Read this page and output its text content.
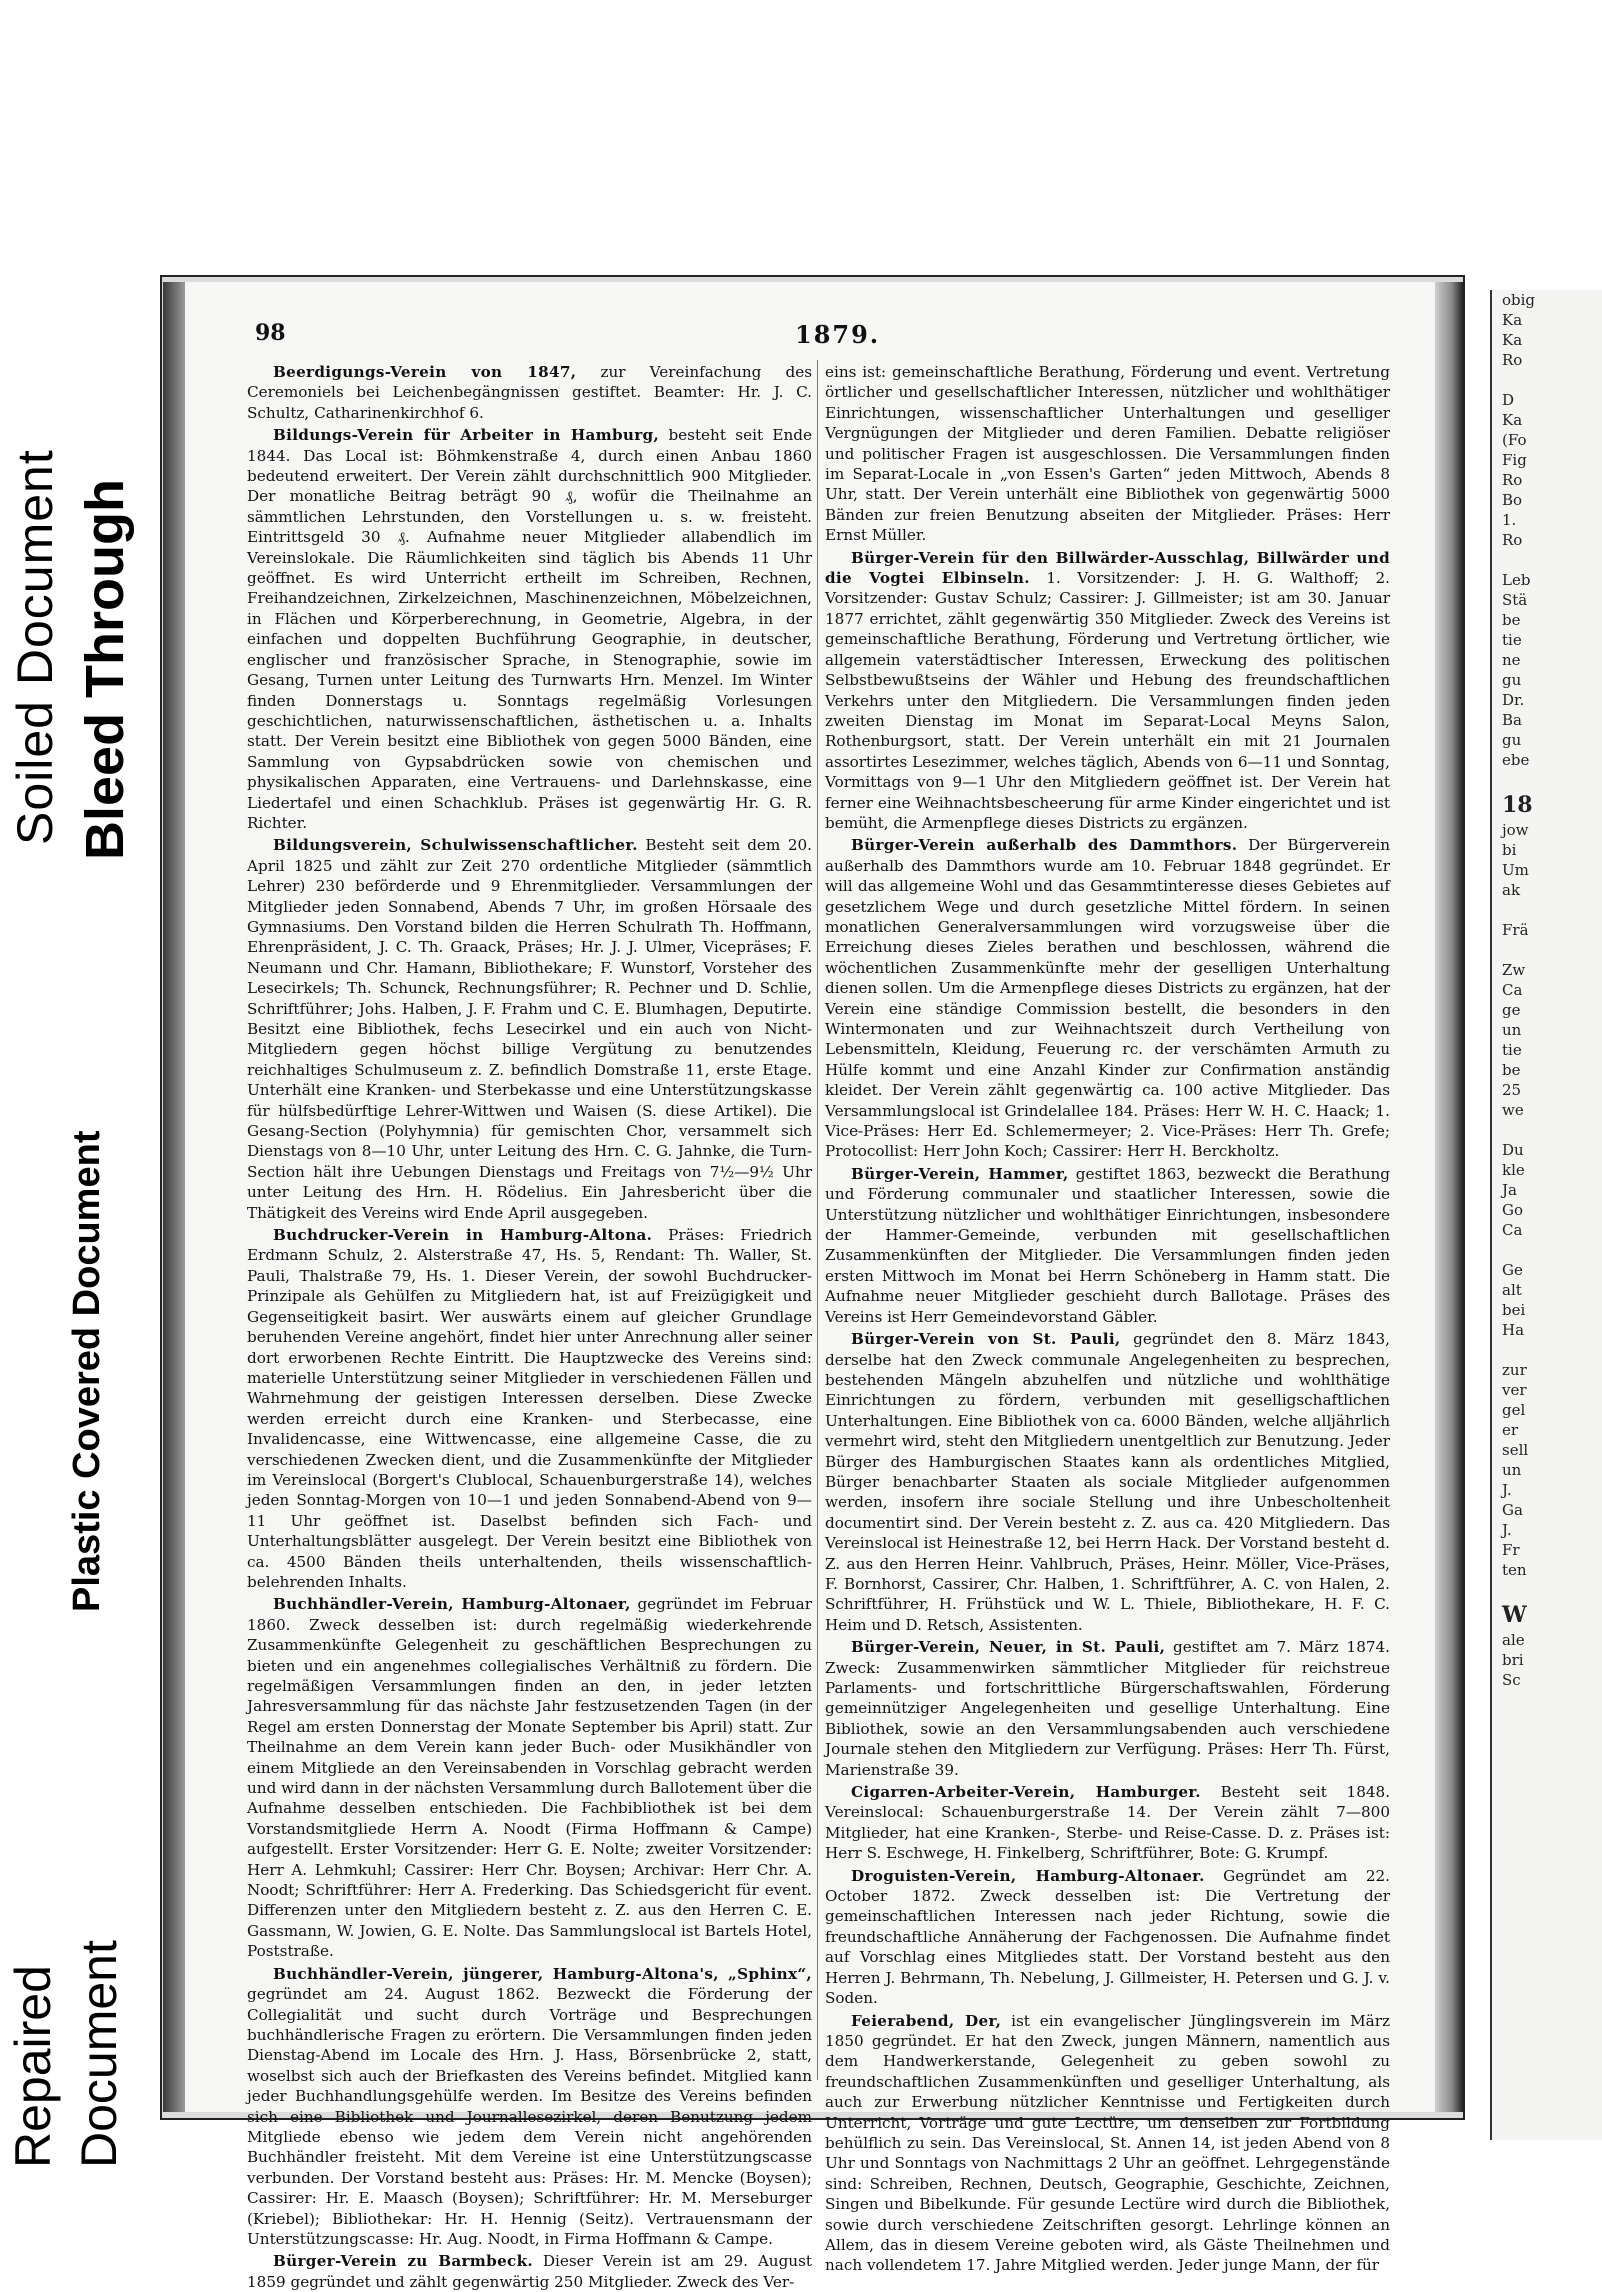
Soiled Document Bleed Through
Plastic Covered Document
Repaired Document
98	1879.

Beerdigungs-Verein von 1847, zur Vereinfachung des Ceremoniels bei Leichenbegängnissen gestiftet. Beamter: Hr. J. C. Schultz, Catharinenkirchhof 6.

Bildungs-Verein für Arbeiter in Hamburg, besteht seit Ende 1844. Das Local ist: Böhmkenstraße 4, durch einen Anbau 1860 bedeutend erweitert. Der Verein zählt durchschnittlich 900 Mitglieder. Der monatliche Beitrag beträgt 90 ₰, wofür die Theilnahme an sämmtlichen Lehrstunden, den Vorstellungen u. s. w. freisteht. Eintrittsgeld 30 ₰. Aufnahme neuer Mitglieder allabendlich im Vereinslokale. Die Räumlichkeiten sind täglich bis Abends 11 Uhr geöffnet. Es wird Unterricht ertheilt im Schreiben, Rechnen, Freihandzeichnen, Zirkelzeichnen, Maschinenzeichnen, Möbelzeichnen, in Flächen und Körperberechnung, in Geometrie, Algebra, in der einfachen und doppelten Buchführung Geographie, in deutscher, englischer und französischer Sprache, in Stenographie, sowie im Gesang, Turnen unter Leitung des Turnwarts Hrn. Menzel. Im Winter finden Donnerstags u. Sonntags regelmäßig Vorlesungen geschichtlichen, naturwissenschaftlichen, ästhetischen u. a. Inhalts statt. Der Verein besitzt eine Bibliothek von gegen 5000 Bänden, eine Sammlung von Gypsabdrücken sowie von chemischen und physikalischen Apparaten, eine Vertrauens- und Darlehnskasse, eine Liedertafel und einen Schachklub. Präses ist gegenwärtig Hr. G. R. Richter.

Bildungsverein, Schulwissenschaftlicher. Besteht seit dem 20. April 1825 und zählt zur Zeit 270 ordentliche Mitglieder (sämmtlich Lehrer) 230 beförderde und 9 Ehrenmitglieder. Versammlungen der Mitglieder jeden Sonnabend, Abends 7 Uhr, im großen Hörsaale des Gymnasiums. Den Vorstand bilden die Herren Schulrath Th. Hoffmann, Ehrenpräsident, J. C. Th. Graack, Präses; Hr. J. J. Ulmer, Vicepräses; F. Neumann und Chr. Hamann, Bibliothekare; F. Wunstorf, Vorsteher des Lesecirkels; Th. Schunck, Rechnungsführer; R. Pechner und D. Schlie, Schriftführer; Johs. Halben, J. F. Frahm und C. E. Blumhagen, Deputirte. Besitzt eine Bibliothek, fechs Lesecirkel und ein auch von Nicht-Mitgliedern gegen höchst billige Vergütung zu benutzendes reichhaltiges Schulmuseum z. Z. befindlich Domstraße 11, erste Etage. Unterhält eine Kranken- und Sterbekasse und eine Unterstützungskasse für hülfsbedürftige Lehrer-Wittwen und Waisen (S. diese Artikel). Die Gesang-Section (Polyhymnia) für gemischten Chor, versammelt sich Dienstags von 8—10 Uhr, unter Leitung des Hrn. C. G. Jahnke, die Turn-Section hält ihre Uebungen Dienstags und Freitags von 7½—9½ Uhr unter Leitung des Hrn. H. Rödelius. Ein Jahresbericht über die Thätigkeit des Vereins wird Ende April ausgegeben.

Buchdrucker-Verein in Hamburg-Altona. Präses: Friedrich Erdmann Schulz, 2. Alsterstraße 47, Hs. 5, Rendant: Th. Waller, St. Pauli, Thalstraße 79, Hs. 1. Dieser Verein, der sowohl Buchdrucker-Prinzipale als Gehülfen zu Mitgliedern hat, ist auf Freizügigkeit und Gegenseitigkeit basirt. Wer auswärts einem auf gleicher Grundlage beruhenden Vereine angehört, findet hier unter Anrechnung aller seiner dort erworbenen Rechte Eintritt. Die Hauptzwecke des Vereins sind: materielle Unterstützung seiner Mitglieder in verschiedenen Fällen und Wahrnehmung der geistigen Interessen derselben. Diese Zwecke werden erreicht durch eine Kranken- und Sterbecasse, eine Invalidencasse, eine Wittwencasse, eine allgemeine Casse, die zu verschiedenen Zwecken dient, und die Zusammenkünfte der Mitglieder im Vereinslocal (Borgert's Clublocal, Schauenburgerstraße 14), welches jeden Sonntag-Morgen von 10—1 und jeden Sonnabend-Abend von 9—11 Uhr geöffnet ist. Daselbst befinden sich Fach- und Unterhaltungsblätter ausgelegt. Der Verein besitzt eine Bibliothek von ca. 4500 Bänden theils unterhaltenden, theils wissenschaftlich-belehrenden Inhalts.

Buchhändler-Verein, Hamburg-Altonaer, gegründet im Februar 1860. Zweck desselben ist: durch regelmäßig wiederkehrende Zusammenkünfte Gelegenheit zu geschäftlichen Besprechungen zu bieten und ein angenehmes collegialisches Verhältniß zu fördern. Die regelmäßigen Versammlungen finden an den, in jeder letzten Jahresversammlung für das nächste Jahr festzusetzenden Tagen (in der Regel am ersten Donnerstag der Monate September bis April) statt. Zur Theilnahme an dem Verein kann jeder Buch- oder Musikhändler von einem Mitgliede an den Vereinsabenden in Vorschlag gebracht werden und wird dann in der nächsten Versammlung durch Ballotement über die Aufnahme desselben entschieden. Die Fachbibliothek ist bei dem Vorstandsmitgliede Herrn A. Noodt (Firma Hoffmann & Campe) aufgestellt. Erster Vorsitzender: Herr G. E. Nolte; zweiter Vorsitzender: Herr A. Lehmkuhl; Cassirer: Herr Chr. Boysen; Archivar: Herr Chr. A. Noodt; Schriftführer: Herr A. Frederking. Das Schiedsgericht für event. Differenzen unter den Mitgliedern besteht z. Z. aus den Herren C. E. Gassmann, W. Jowien, G. E. Nolte. Das Sammlungslocal ist Bartels Hotel, Poststraße.

Buchhändler-Verein, jüngerer, Hamburg-Altona's, „Sphinx“, gegründet am 24. August 1862. Bezweckt die Förderung der Collegialität und sucht durch Vorträge und Besprechungen buchhändlerische Fragen zu erörtern. Die Versammlungen finden jeden Dienstag-Abend im Locale des Hrn. J. Hass, Börsenbrücke 2, statt, woselbst sich auch der Briefkasten des Vereins befindet. Mitglied kann jeder Buchhandlungsgehülfe werden. Im Besitze des Vereins befinden sich eine Bibliothek und Journallesezirkel, deren Benutzung jedem Mitgliede ebenso wie jedem dem Verein nicht angehörenden Buchhändler freisteht. Mit dem Vereine ist eine Unterstützungscasse verbunden. Der Vorstand besteht aus: Präses: Hr. M. Mencke (Boysen); Cassirer: Hr. E. Maasch (Boysen); Schriftführer: Hr. M. Merseburger (Kriebel); Bibliothekar: Hr. H. Hennig (Seitz). Vertrauensmann der Unterstützungscasse: Hr. Aug. Noodt, in Firma Hoffmann & Campe.

Bürger-Verein zu Barmbeck. Dieser Verein ist am 29. August 1859 gegründet und zählt gegenwärtig 250 Mitglieder. Zweck des Ver-

eins ist: gemeinschaftliche Berathung, Förderung und event. Vertretung örtlicher und gesellschaftlicher Interessen, nützlicher und wohlthätiger Einrichtungen, wissenschaftlicher Unterhaltungen und geselliger Vergnügungen der Mitglieder und deren Familien. Debatte religiöser und politischer Fragen ist ausgeschlossen. Die Versammlungen finden im Separat-Locale in „von Essen's Garten“ jeden Mittwoch, Abends 8 Uhr, statt. Der Verein unterhält eine Bibliothek von gegenwärtig 5000 Bänden zur freien Benutzung abseiten der Mitglieder. Präses: Herr Ernst Müller.

Bürger-Verein für den Billwärder-Ausschlag, Billwärder und die Vogtei Elbinseln. 1. Vorsitzender: J. H. G. Walthoff; 2. Vorsitzender: Gustav Schulz; Cassirer: J. Gillmeister; ist am 30. Januar 1877 errichtet, zählt gegenwärtig 350 Mitglieder. Zweck des Vereins ist gemeinschaftliche Berathung, Förderung und Vertretung örtlicher, wie allgemein vaterstädtischer Interessen, Erweckung des politischen Selbstbewußtseins der Wähler und Hebung des freundschaftlichen Verkehrs unter den Mitgliedern. Die Versammlungen finden jeden zweiten Dienstag im Monat im Separat-Local Meyns Salon, Rothenburgsort, statt. Der Verein unterhält ein mit 21 Journalen assortirtes Lesezimmer, welches täglich, Abends von 6—11 und Sonntag, Vormittags von 9—1 Uhr den Mitgliedern geöffnet ist. Der Verein hat ferner eine Weihnachtsbescheerung für arme Kinder eingerichtet und ist bemüht, die Armenpflege dieses Districts zu ergänzen.

Bürger-Verein außerhalb des Dammthors. Der Bürgerverein außerhalb des Dammthors wurde am 10. Februar 1848 gegründet. Er will das allgemeine Wohl und das Gesammtinteresse dieses Gebietes auf gesetzlichem Wege und durch gesetzliche Mittel fördern. In seinen monatlichen Generalversammlungen wird vorzugsweise über die Erreichung dieses Zieles berathen und beschlossen, während die wöchentlichen Zusammenkünfte mehr der geselligen Unterhaltung dienen sollen. Um die Armenpflege dieses Districts zu ergänzen, hat der Verein eine ständige Commission bestellt, die besonders in den Wintermonaten und zur Weihnachtszeit durch Vertheilung von Lebensmitteln, Kleidung, Feuerung rc. der verschämten Armuth zu Hülfe kommt und eine Anzahl Kinder zur Confirmation anständig kleidet. Der Verein zählt gegenwärtig ca. 100 active Mitglieder. Das Versammlungslocal ist Grindelallee 184. Präses: Herr W. H. C. Haack; 1. Vice-Präses: Herr Ed. Schlemermeyer; 2. Vice-Präses: Herr Th. Grefe; Protocollist: Herr John Koch; Cassirer: Herr H. Berckholtz.

Bürger-Verein, Hammer, gestiftet 1863, bezweckt die Berathung und Förderung communaler und staatlicher Interessen, sowie die Unterstützung nützlicher und wohlthätiger Einrichtungen, insbesondere der Hammer-Gemeinde, verbunden mit gesellschaftlichen Zusammenkünften der Mitglieder. Die Versammlungen finden jeden ersten Mittwoch im Monat bei Herrn Schöneberg in Hamm statt. Die Aufnahme neuer Mitglieder geschieht durch Ballotage. Präses des Vereins ist Herr Gemeindevorstand Gäbler.

Bürger-Verein von St. Pauli, gegründet den 8. März 1843, derselbe hat den Zweck communale Angelegenheiten zu besprechen, bestehenden Mängeln abzuhelfen und nützliche und wohlthätige Einrichtungen zu fördern, verbunden mit geselligschaftlichen Unterhaltungen. Eine Bibliothek von ca. 6000 Bänden, welche alljährlich vermehrt wird, steht den Mitgliedern unentgeltlich zur Benutzung. Jeder Bürger des Hamburgischen Staates kann als ordentliches Mitglied, Bürger benachbarter Staaten als sociale Mitglieder aufgenommen werden, insofern ihre sociale Stellung und ihre Unbescholtenheit documentirt sind. Der Verein besteht z. Z. aus ca. 420 Mitgliedern. Das Vereinslocal ist Heinestraße 12, bei Herrn Hack. Der Vorstand besteht d. Z. aus den Herren Heinr. Vahlbruch, Präses, Heinr. Möller, Vice-Präses, F. Bornhorst, Cassirer, Chr. Halben, 1. Schriftführer, A. C. von Halen, 2. Schriftführer, H. Frühstück und W. L. Thiele, Bibliothekare, H. F. C. Heim und D. Retsch, Assistenten.

Bürger-Verein, Neuer, in St. Pauli, gestiftet am 7. März 1874. Zweck: Zusammenwirken sämmtlicher Mitglieder für reichstreue Parlaments- und fortschrittliche Bürgerschaftswahlen, Förderung gemeinnütziger Angelegenheiten und gesellige Unterhaltung. Eine Bibliothek, sowie an den Versammlungsabenden auch verschiedene Journale stehen den Mitgliedern zur Verfügung. Präses: Herr Th. Fürst, Marienstraße 39.

Cigarren-Arbeiter-Verein, Hamburger. Besteht seit 1848. Vereinslocal: Schauenburgerstraße 14. Der Verein zählt 7—800 Mitglieder, hat eine Kranken-, Sterbe- und Reise-Casse. D. z. Präses ist: Herr S. Eschwege, H. Finkelberg, Schriftführer, Bote: G. Krumpf.

Droguisten-Verein, Hamburg-Altonaer. Gegründet am 22. October 1872. Zweck desselben ist: Die Vertretung der gemeinschaftlichen Interessen nach jeder Richtung, sowie die freundschaftliche Annäherung der Fachgenossen. Die Aufnahme findet auf Vorschlag eines Mitgliedes statt. Der Vorstand besteht aus den Herren J. Behrmann, Th. Nebelung, J. Gillmeister, H. Petersen und G. J. v. Soden.

Feierabend, Der, ist ein evangelischer Jünglingsverein im März 1850 gegründet. Er hat den Zweck, jungen Männern, namentlich aus dem Handwerkerstande, Gelegenheit zu geben sowohl zu freundschaftlichen Zusammenkünften und geselliger Unterhaltung, als auch zur Erwerbung nützlicher Kenntnisse und Fertigkeiten durch Unterricht, Vorträge und gute Lectüre, um denselben zur Fortbildung behülflich zu sein. Das Vereinslocal, St. Annen 14, ist jeden Abend von 8 Uhr und Sonntags von Nachmittags 2 Uhr an geöffnet. Lehrgegenstände sind: Schreiben, Rechnen, Deutsch, Geographie, Geschichte, Zeichnen, Singen und Bibelkunde. Für gesunde Lectüre wird durch die Bibliothek, sowie durch verschiedene Zeitschriften gesorgt. Lehrlinge können an Allem, das in diesem Vereine geboten wird, als Gäste Theilnehmen und nach vollendetem 17. Jahre Mitglied werden. Jeder junge Mann, der für

obig
Ka
Ka
Ro

D
Ka
(Fo
Fig
Ro
Bo
1.
Ro

Leb
Stä
be
tie
ne
gu
Dr.
Ba
gu
ebe

18
jow
bi
Um
ak

Frä

Zw
Ca
ge
un
tie
be
25
we

Du
kle
Ja
Go
Ca

Ge
alt
bei
Ha

zur
ver
gel
er
sell
un
J.
Ga
J.
Fr
ten

W
ale
bri
Sc
